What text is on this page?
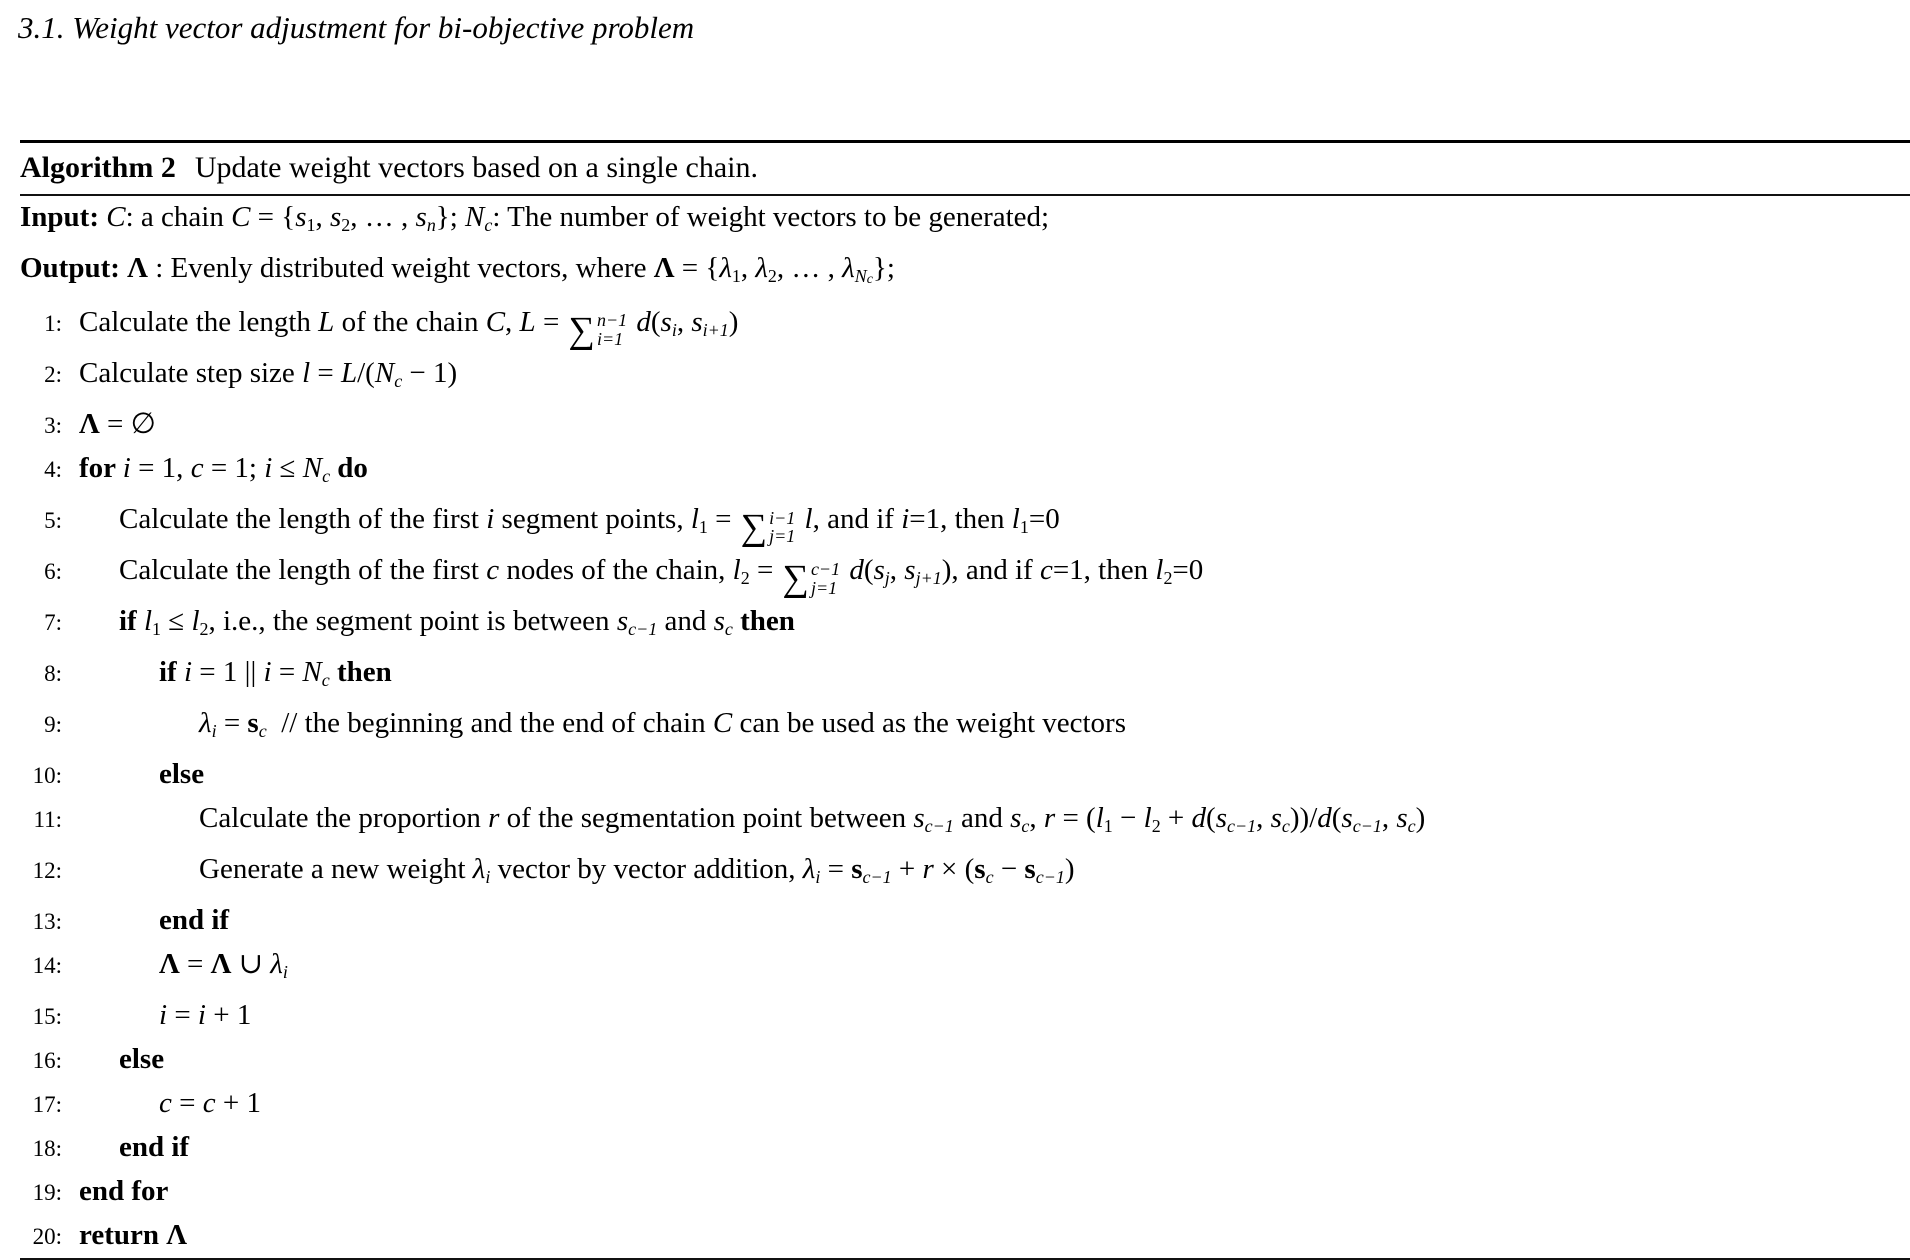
3.1. Weight vector adjustment for bi-objective problem
Algorithm 2 Update weight vectors based on a single chain.
Input: C: a chain $C = \{s_1$, $s_2$, … , $s_n$}; $N_c$: The number of weight vectors to be generated;
Output: Λ : Evenly distributed weight vectors, where $\Lambda = \{\lambda_1$, $\lambda_2$, … , $\lambda_{Nc}$};
1: Calculate the length L of the chain C, L = ∑ n−1
i=1
$d(s_i$, $s_{i+1}$)
2: Calculate step size $l = L/(N_c - 1)$
3: Λ = ∅
4: for i = 1, c = 1; $i \le N_c$ do
5: Calculate the length of the first i segment points, $l_1$ = ∑ i−1
j=1
l, and if i=1, then $l_1=0$
6: Calculate the length of the first c nodes of the chain, $l_2$ = ∑ c−1
j=1
$d(s_j$, $s_{j+1}$), and if c=1, then $l_2=0$
7: if $l_1 \le l_2$, i.e., the segment point is between $s_{c-1}$ and $s_c$ then
8:	if i = 1 || $i = N_c$ then
9:	$\lambda_i = s_c$  // the beginning and the end of chain C can be used as the weight vectors
10:	else
11:	Calculate the proportion r of the segmentation point between $s_{c-1}$ and $s_c$, $r = (l_1 - l_2 + d(s_{c-1}$, $s_c))/d(s_{c-1}$, $s_c$)
12:	Generate a new weight $\lambda_i$ vector by vector addition, $\lambda_i = s_{c-1} + r \times (s_c - s_{c-1})$
13:	end if
14:	Λ = Λ ∪ $\lambda_i$
15:	i = i + 1
16: else
17:	c = c + 1
18: end if
19: end for
20: return Λ
